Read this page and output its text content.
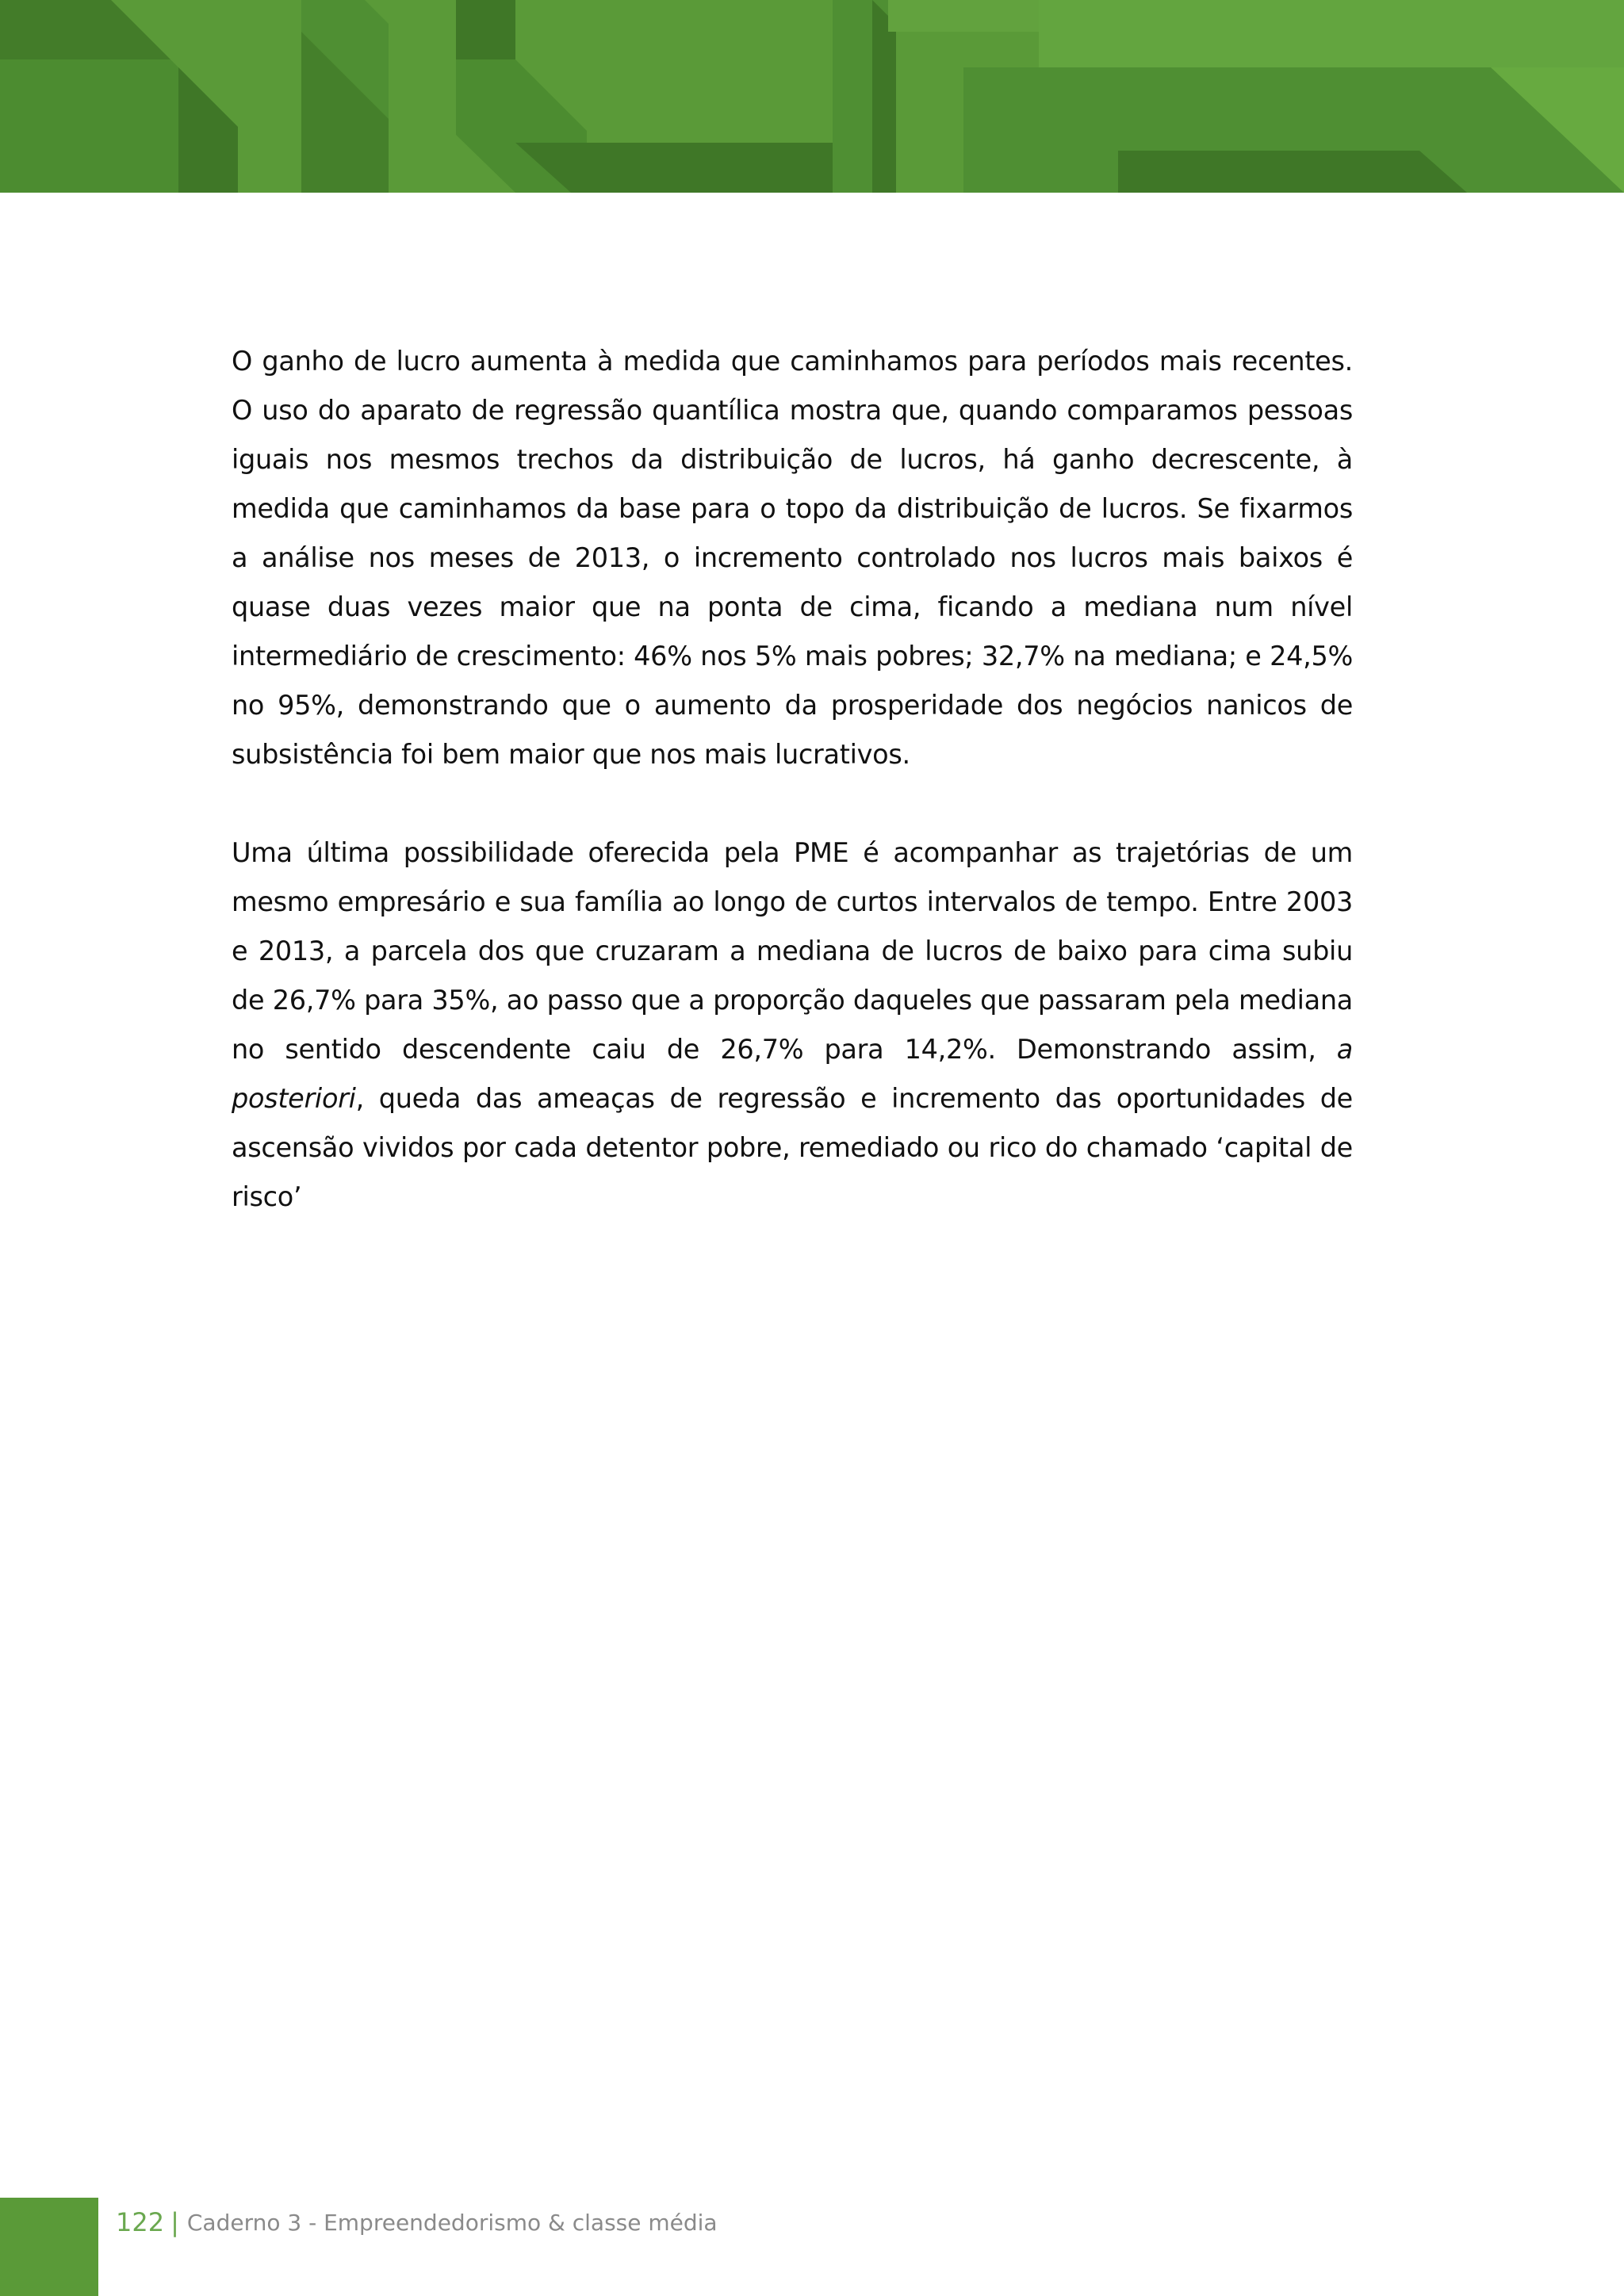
O ganho de lucro aumenta à medida que caminhamos para períodos mais recentes. O uso do aparato de regressão quantílica mostra que, quando comparamos pessoas iguais nos mesmos trechos da distribuição de lucros, há ganho decrescente, à medida que caminhamos da base para o topo da distribuição de lucros. Se fixarmos a análise nos meses de 2013, o incremento controlado nos lucros mais baixos é quase duas vezes maior que na ponta de cima, ficando a mediana num nível intermediário de crescimento: 46% nos 5% mais pobres; 32,7% na mediana; e 24,5% no 95%, demonstrando que o aumento da prosperidade dos negócios nanicos de subsistência foi bem maior que nos mais lucrativos.

Uma última possibilidade oferecida pela PME é acompanhar as trajetórias de um mesmo empresário e sua família ao longo de curtos intervalos de tempo. Entre 2003 e 2013, a parcela dos que cruzaram a mediana de lucros de baixo para cima subiu de 26,7% para 35%, ao passo que a proporção daqueles que passaram pela mediana no sentido descendente caiu de 26,7% para 14,2%. Demonstrando assim, a posteriori, queda das ameaças de regressão e incremento das oportunidades de ascensão vividos por cada detentor pobre, remediado ou rico do chamado ‘capital de risco’

122 | Caderno 3 - Empreendedorismo & classe média
